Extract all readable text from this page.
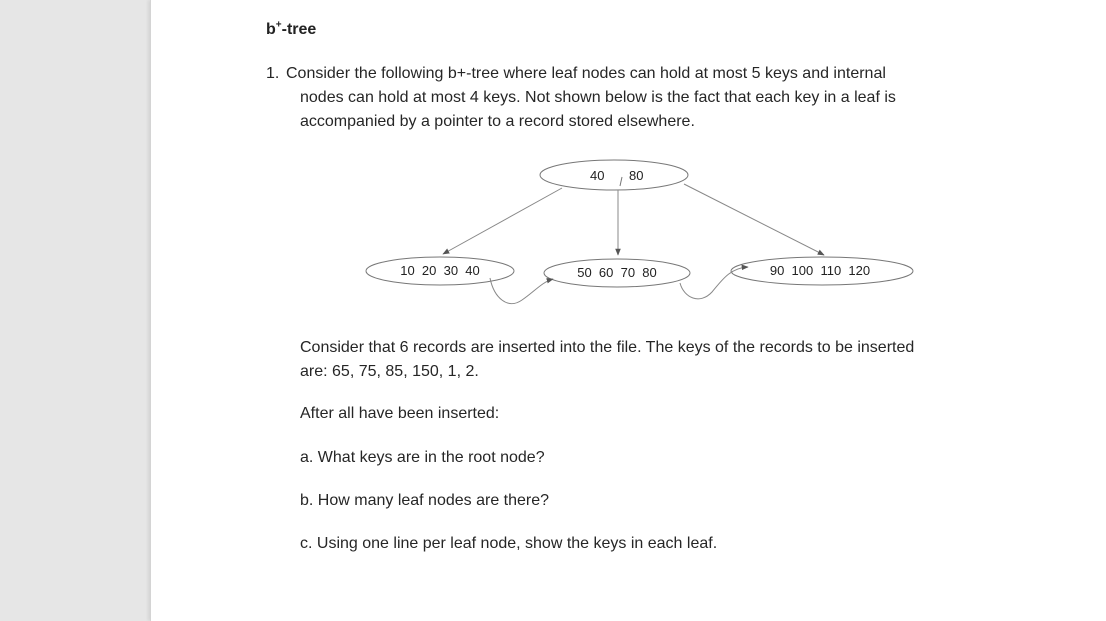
b+-tree
1. Consider the following b+-tree where leaf nodes can hold at most 5 keys and internal
nodes can hold at most 4 keys. Not shown below is the fact that each key in a leaf is
accompanied by a pointer to a record stored elsewhere.
40 80
10  20  30  40	50  60  70  80	90  100  110  120
Consider that 6 records are inserted into the file. The keys of the records to be inserted
are: 65, 75, 85, 150, 1, 2.
After all have been inserted:
a. What keys are in the root node?
b. How many leaf nodes are there?
c. Using one line per leaf node, show the keys in each leaf.
